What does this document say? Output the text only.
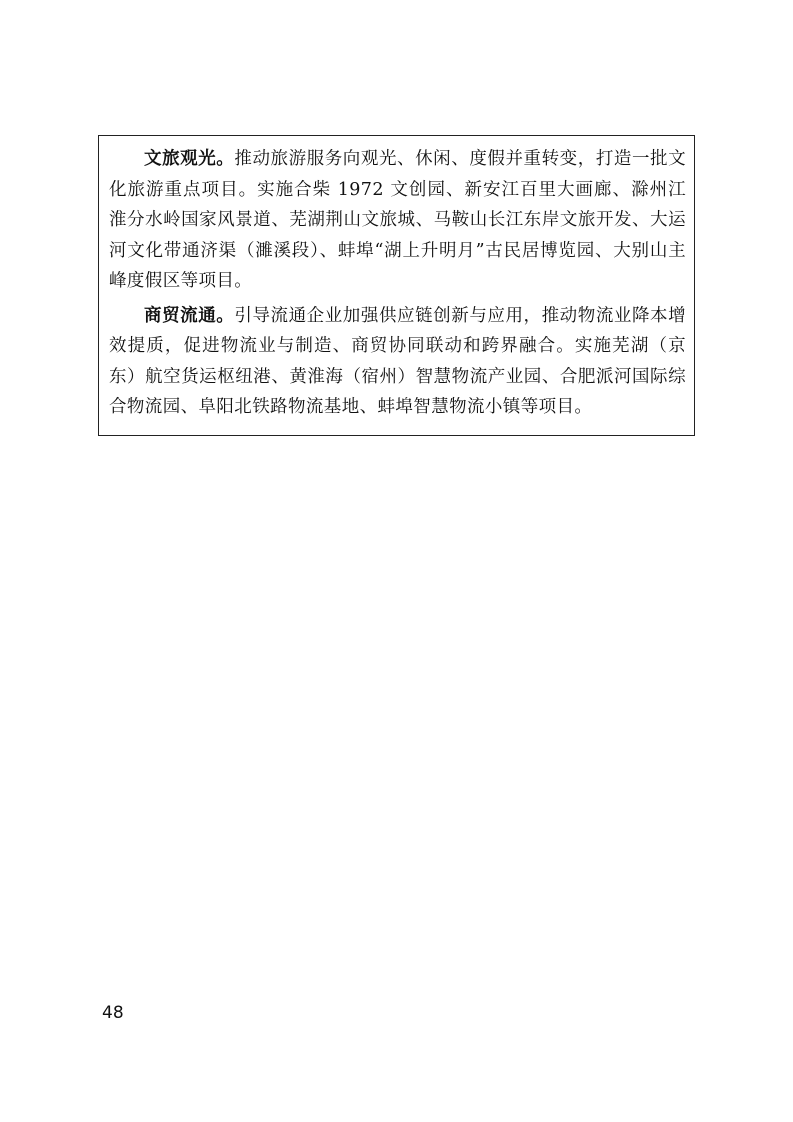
文旅观光。推动旅游服务向观光、休闲、度假并重转变，打造一批文化旅游重点项目。实施合柴 1972 文创园、新安江百里大画廊、滁州江淮分水岭国家风景道、芜湖荆山文旅城、马鞍山长江东岸文旅开发、大运河文化带通济渠（濉溪段）、蚌埠“湖上升明月”古民居博览园、大别山主峰度假区等项目。

商贸流通。引导流通企业加强供应链创新与应用，推动物流业降本增效提质，促进物流业与制造、商贸协同联动和跨界融合。实施芜湖（京东）航空货运枢纽港、黄淮海（宿州）智慧物流产业园、合肥派河国际综合物流园、阜阳北铁路物流基地、蚌埠智慧物流小镇等项目。

48
